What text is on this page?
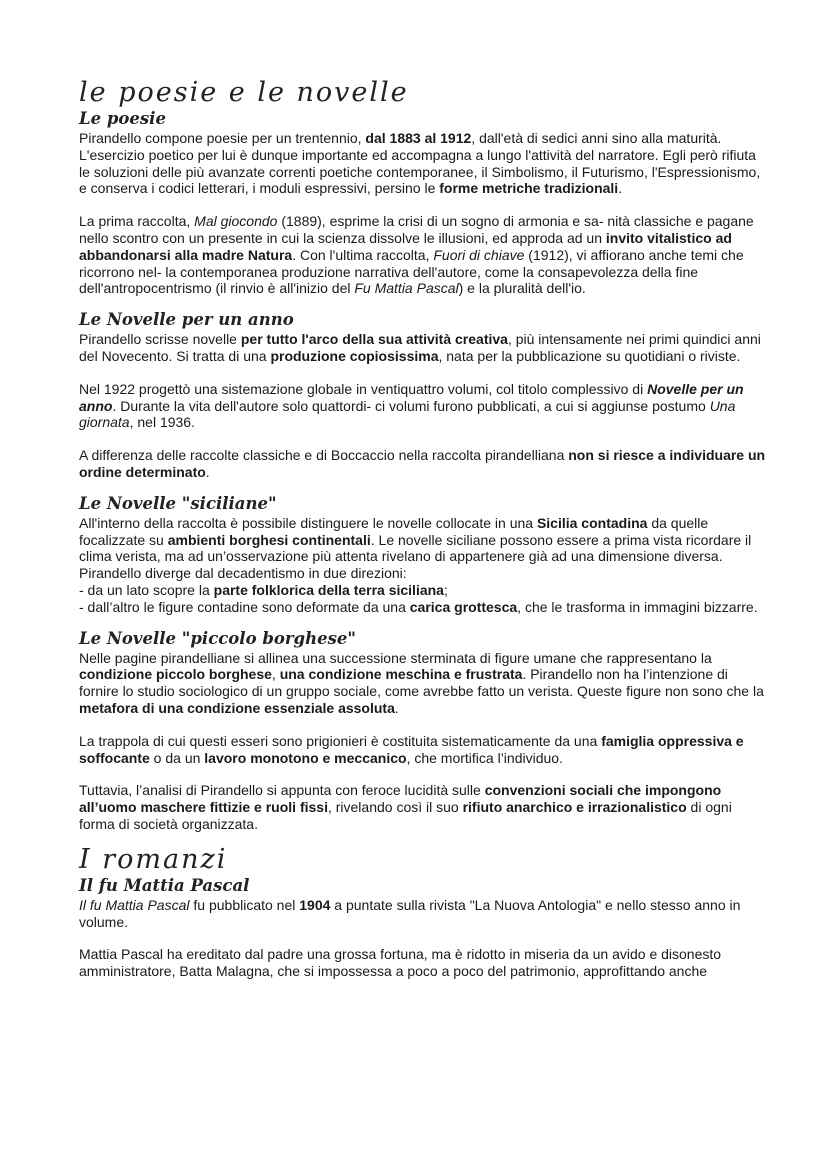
le poesie e le novelle
Le poesie

Pirandello compone poesie per un trentennio, dal 1883 al 1912, dall'età di sedici anni sino alla maturità. L'esercizio poetico per lui è dunque importante ed accompagna a lungo l'attività del narratore. Egli però rifiuta le soluzioni delle più avanzate correnti poetiche contemporanee, il Simbolismo, il Futurismo, l'Espressionismo, e conserva i codici letterari, i moduli espressivi, persino le forme metriche tradizionali.

La prima raccolta, Mal giocondo (1889), esprime la crisi di un sogno di armonia e sa- nità classiche e pagane nello scontro con un presente in cui la scienza dissolve le illusioni, ed approda ad un invito vitalistico ad abbandonarsi alla madre Natura. Con l'ultima raccolta, Fuori di chiave (1912), vi affiorano anche temi che ricorrono nel- la contemporanea produzione narrativa dell'autore, come la consapevolezza della fine dell'antropocentrismo (il rinvio è all'inizio del Fu Mattia Pascal) e la pluralità dell'io.

Le Novelle per un anno

Pirandello scrisse novelle per tutto l'arco della sua attività creativa, più intensamente nei primi quindici anni del Novecento. Si tratta di una produzione copiosissima, nata per la pubblicazione su quotidiani o riviste.

Nel 1922 progettò una sistemazione globale in ventiquattro volumi, col titolo complessivo di Novelle per un anno. Durante la vita dell'autore solo quattordi- ci volumi furono pubblicati, a cui si aggiunse postumo Una giornata, nel 1936.

A differenza delle raccolte classiche e di Boccaccio nella raccolta pirandelliana non si riesce a individuare un ordine determinato.

Le Novelle "siciliane"

All'interno della raccolta è possibile distinguere le novelle collocate in una Sicilia contadina da quelle focalizzate su ambienti borghesi continentali. Le novelle siciliane possono essere a prima vista ricordare il clima verista, ma ad un’osservazione più attenta rivelano di appartenere già ad una dimensione diversa. Pirandello diverge dal decadentismo in due direzioni:
- da un lato scopre la parte folklorica della terra siciliana;
- dall’altro le figure contadine sono deformate da una carica grottesca, che le trasforma in immagini bizzarre.

Le Novelle "piccolo borghese"

Nelle pagine pirandelliane si allinea una successione sterminata di figure umane che rappresentano la condizione piccolo borghese, una condizione meschina e frustrata. Pirandello non ha l’intenzione di fornire lo studio sociologico di un gruppo sociale, come avrebbe fatto un verista. Queste figure non sono che la metafora di una condizione essenziale assoluta.

La trappola di cui questi esseri sono prigionieri è costituita sistematicamente da una famiglia oppressiva e soffocante o da un lavoro monotono e meccanico, che mortifica l’individuo.

Tuttavia, l’analisi di Pirandello si appunta con feroce lucidità sulle convenzioni sociali che impongono all’uomo maschere fittizie e ruoli fissi, rivelando così il suo rifiuto anarchico e irrazionalistico di ogni forma di società organizzata.

I romanzi
Il fu Mattia Pascal

Il fu Mattia Pascal fu pubblicato nel 1904 a puntate sulla rivista "La Nuova Antologia" e nello stesso anno in volume.

Mattia Pascal ha ereditato dal padre una grossa fortuna, ma è ridotto in miseria da un avido e disonesto amministratore, Batta Malagna, che si impossessa a poco a poco del patrimonio, approfittando anche
